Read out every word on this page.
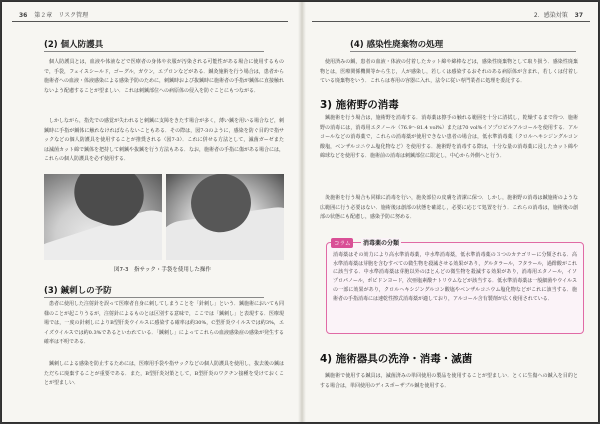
36 第２章 リスク管理
(2) 個人防護具
個人防護具とは，血液や体液などで医療者の身体や衣服が汚染される可能性がある場合に使用するもので，手袋，フェイスシールド，ゴーグル，ガウン，エプロンなどがある．鍼灸施術を行う場合は，患者から施術者への血液・体液感染による感染予防のために，刺鍼時および抜鍼時に施術者の手指が鍼体に直接触れないよう配慮することが望ましい．これは刺鍼部位への病原体の侵入を防ぐことにもつながる．
しかしながら，指先での感覚が失われると刺鍼に支障をきたす場合が多く，薄い鍼を用いる場合など，刺鍼時に手指が鍼体に触れなければならないこともある．その際は，図7-3のように，感染を防ぐ目的で指サックなどの個人防護具を使用することが推奨される（図7-3）．これに併せる方法として，滅菌ガーゼまたは滅菌カット綿で鍼体を把持して刺鍼や抜鍼を行う方法もある．なお，施術者の手指に傷がある場合には，これらの個人防護具を必ず使用する．
図7-3　指サック・手袋を使用した操作
(3) 鍼刺しの予防
患者に使用した注射針を誤って医療者自身に刺してしまうことを「針刺し」という．鍼施術においても同様のことが起こりうるが，注射針によるものとは区別する意味で，ここでは「鍼刺し」と表現する．医療現場では，一度の針刺しによりB型肝炎ウイルスに感染する確率は約30%，C型肝炎ウイルスでは約3%，エイズウイルスでは約0.3%であるといわれている．「鍼刺し」によってこれらの血液感染症の感染が発生する確率は不明である．
鍼刺しによる感染を防止するためには，医療用手袋や指サックなどの個人防護具を使用し，抜去後の鍼はただちに廃棄することが重要である．また，B型肝炎対策として，B型肝炎のワクチン接種を受けておくことが望ましい．
2．感染対策 37
(4) 感染性廃棄物の処理
使用済みの鍼，患者の血液・体液の付着したカット綿や綿棒などは，感染性廃棄物として取り扱う．感染性廃棄物とは，医療関係機関等から生じ，人が感染し，若しくは感染するおそれのある病原体が含まれ，若しくは付着している廃棄物をいう．これらは専用の容器に入れ，法令に従い専門業者に処理を委託する．
3) 施術野の消毒
鍼施術を行う場合は，施術野を消毒する．消毒薬は擦手の触れる範囲を十分に清拭し，乾燥するまで待つ．施術野の消毒には，消毒用エタノール（76.9〜81.4 vol%）または70 vol%イソプロピルアルコールを使用する．アルコールなどの消毒薬で，これらの消毒薬が使用できない患者の場合は，低水準消毒薬（クロルヘキシジングルコン酸塩，ベンザルコニウム塩化物など）を使用する．施術野を消毒する際は，十分な量の消毒薬に浸したカット綿や綿球などを使用する．施術前の消毒は刺鍼部位に限定し，中心から外側へと行う．
灸施術を行う場合も同様に消毒を行い，施灸部位の皮膚を清潔に保つ．しかし，施術野の消毒は鍼施術のような広範囲に行う必要はない．施術後は創部の状態を確認し，必要に応じて処置を行う．これらの消毒は，施術後の創部の状態にも配慮し，感染予防に努める．
コラム	消毒薬の分類
消毒薬はその効力により高水準消毒薬，中水準消毒薬，低水準消毒薬の３つのカテゴリーに分類される．高水準消毒薬は芽胞を含むすべての微生物を殺滅させる効果があり，グルタラール，フタラール，過酢酸がこれに該当する．中水準消毒薬は芽胞以外のほとんどの微生物を殺滅する効果があり，消毒用エタノール，イソプロパノール，ポビドンヨード，次亜塩素酸ナトリウムなどが該当する．低水準消毒薬は一般細菌やウイルスの一部に効果があり，クロルヘキシジングルコン酸塩やベンザルコニウム塩化物などがこれに該当する．施術者の手指消毒には速乾性擦式消毒薬が適しており，アルコール含有製剤が広く使用されている．
4) 施術器具の洗浄・消毒・滅菌
鍼施術で使用する鍼具は，滅菌済みの単回使用の製品を使用することが望ましい．とくに生傷への鍼入を目的とする場合は，単回使用のディスポーザブル鍼を使用する．
